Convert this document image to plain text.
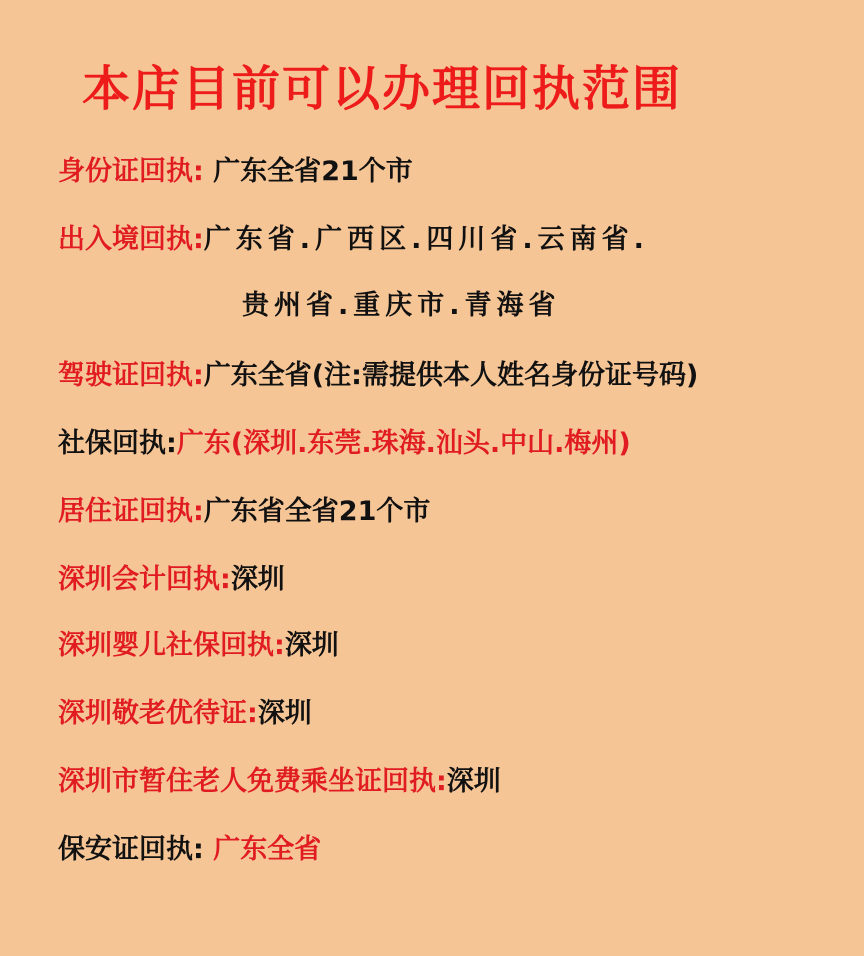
本店目前可以办理回执范围
身份证回执: 广东全省21个市
出入境回执:广东省.广西区.四川省.云南省.
贵州省.重庆市.青海省
驾驶证回执:广东全省(注:需提供本人姓名身份证号码)
社保回执:广东(深圳.东莞.珠海.汕头.中山.梅州)
居住证回执:广东省全省21个市
深圳会计回执:深圳
深圳婴儿社保回执:深圳
深圳敬老优待证:深圳
深圳市暂住老人免费乘坐证回执:深圳
保安证回执: 广东全省
